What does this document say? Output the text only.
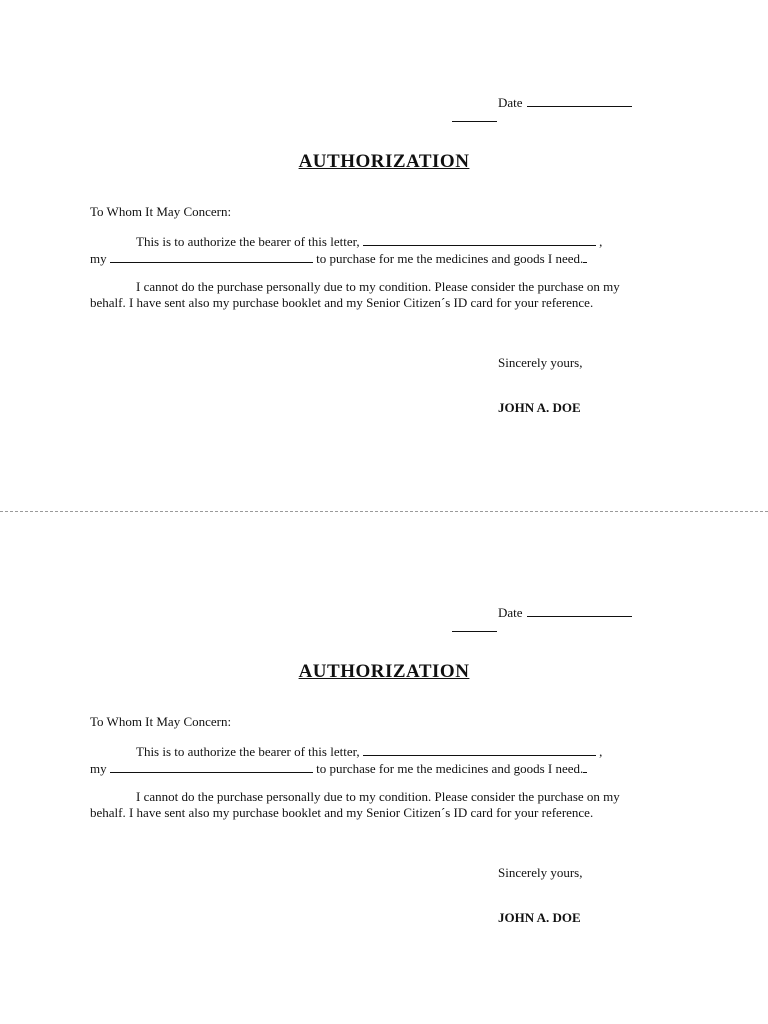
Date
AUTHORIZATION
To Whom It May Concern:
This is to authorize the bearer of this letter,	,
my	to purchase for me the medicines and goods I need.
I cannot do the purchase personally due to my condition. Please consider the purchase on my behalf. I have sent also my purchase booklet and my Senior Citizen´s ID card for your reference.
Sincerely yours,
JOHN A. DOE
Date
AUTHORIZATION
To Whom It May Concern:
This is to authorize the bearer of this letter,	,
my	to purchase for me the medicines and goods I need.
I cannot do the purchase personally due to my condition. Please consider the purchase on my behalf. I have sent also my purchase booklet and my Senior Citizen´s ID card for your reference.
Sincerely yours,
JOHN A. DOE
